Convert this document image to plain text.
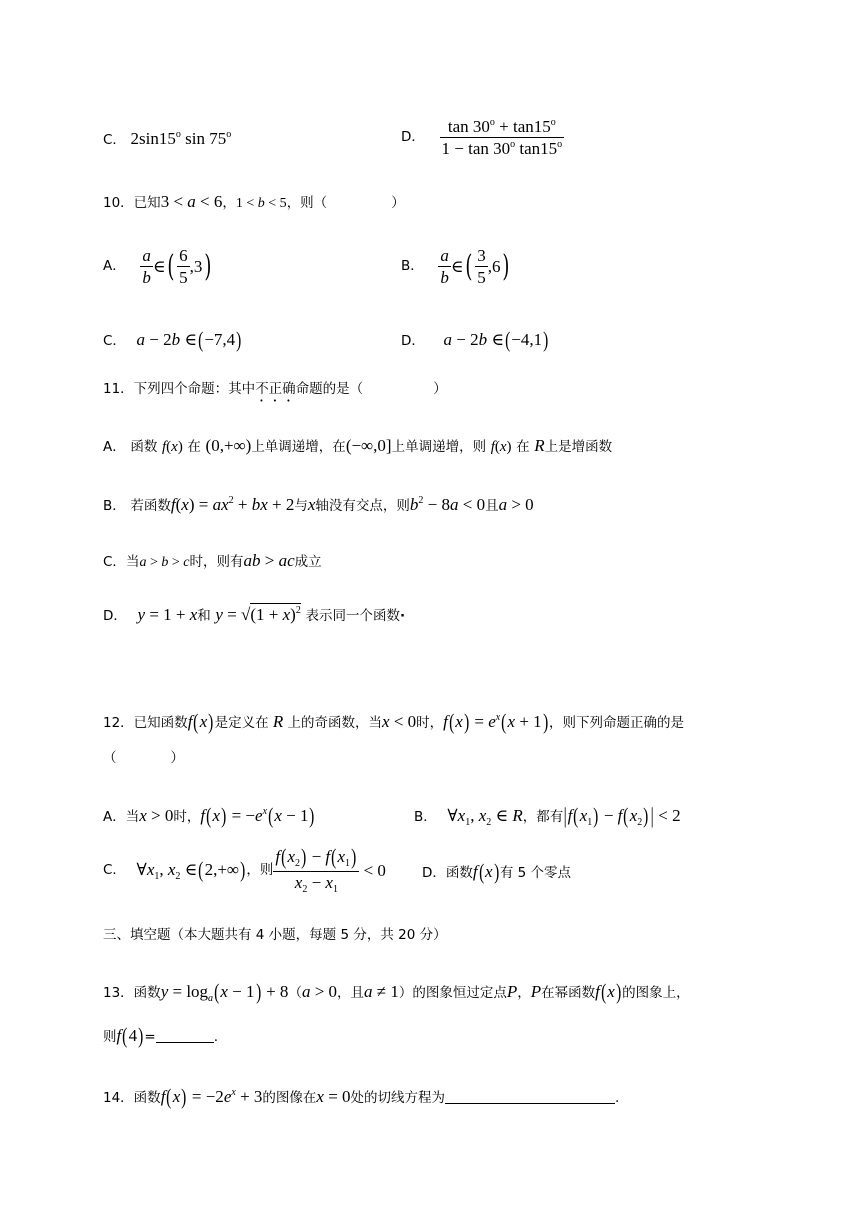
C． 2sin15$^o$ sin 75$^o$	D． $\frac{\tan 30^o + \tan 15^o}{1 - \tan 30^o \tan 15^o}$
10．已知3 < a < 6，1 < b < 5，则（	）
A． $\frac{a}{b}$ ∈( $\frac{6}{5} ,3$)	B． $\frac{a}{b}$ ∈( $\frac{3}{5} ,6$)
C． a − 2b ∈(−7,4)	D． a − 2b ∈(−4,1)
11．下列四个命题：其中不正确命题的是（	）
A． 函数 f(x) 在 (0,+∞)上单调递增，在(−∞,0]上单调递增，则 f(x) 在 R上是增函数
B． 若函数$f(x) = ax^2$ + bx + 2与x轴没有交点，则$b^2 - 8a < 0$且a > 0
C．当a > b > c时，则有ab > ac成立
D． y = 1 + x和 $y = √(1 + x)^2$ 表示同一个函数·
12．已知函数f(x)是定义在 R 上的奇函数，当x < 0时，$f(x) = e^x(x + 1)$，则下列命题正确的是
（　　　　）
A．当x > 0时，$f(x) = -e^x(x - 1)$	B． $\forall x_1$, $x_2$ ∈ R，都有$|f(x_1) - f(x_2)| < 2$
C． $\forall x_1$, $x_2$ ∈(2,+∞)，则 $\frac{f(x_2) - f(x_1)}{x_2 - x_1} < 0$	D．函数f(x)有 5 个零点
三、填空题（本大题共有 4 小题，每题 5 分，共 20 分）
13．函数$y = \log_a(x - 1) + 8(a > 0$，且a ≠ 1）的图象恒过定点P，P在幂函数f(x)的图象上，
则f(4)=	.
14．函数$f(x) = -2e^x + 3$的图像在x = 0处的切线方程为	.
